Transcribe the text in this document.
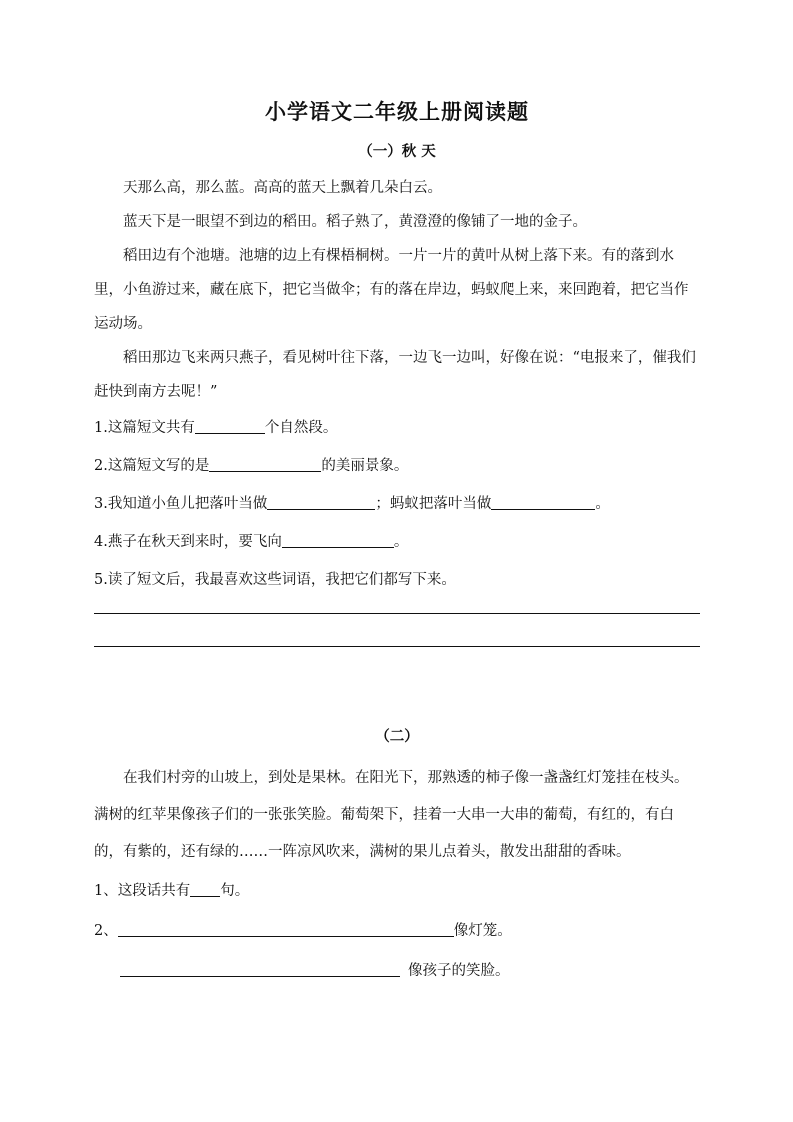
小学语文二年级上册阅读题
（一）秋 天

天那么高，那么蓝。高高的蓝天上飘着几朵白云。

蓝天下是一眼望不到边的稻田。稻子熟了，黄澄澄的像铺了一地的金子。

稻田边有个池塘。池塘的边上有棵梧桐树。一片一片的黄叶从树上落下来。有的落到水里，小鱼游过来，藏在底下，把它当做伞；有的落在岸边，蚂蚁爬上来，来回跑着，把它当作运动场。

稻田那边飞来两只燕子，看见树叶往下落，一边飞一边叫，好像在说：“电报来了，催我们赶快到南方去呢！”

1.这篇短文共有	个自然段。

2.这篇短文写的是	的美丽景象。

3.我知道小鱼儿把落叶当做	；蚂蚁把落叶当做	。

4.燕子在秋天到来时，要飞向	。

5.读了短文后，我最喜欢这些词语，我把它们都写下来。

（二）

在我们村旁的山坡上，到处是果林。在阳光下，那熟透的柿子像一盏盏红灯笼挂在枝头。满树的红苹果像孩子们的一张张笑脸。葡萄架下，挂着一大串一大串的葡萄，有红的，有白的，有紫的，还有绿的……一阵凉风吹来，满树的果儿点着头，散发出甜甜的香味。

1、这段话共有 句。

2、	像灯笼。

像孩子的笑脸。
